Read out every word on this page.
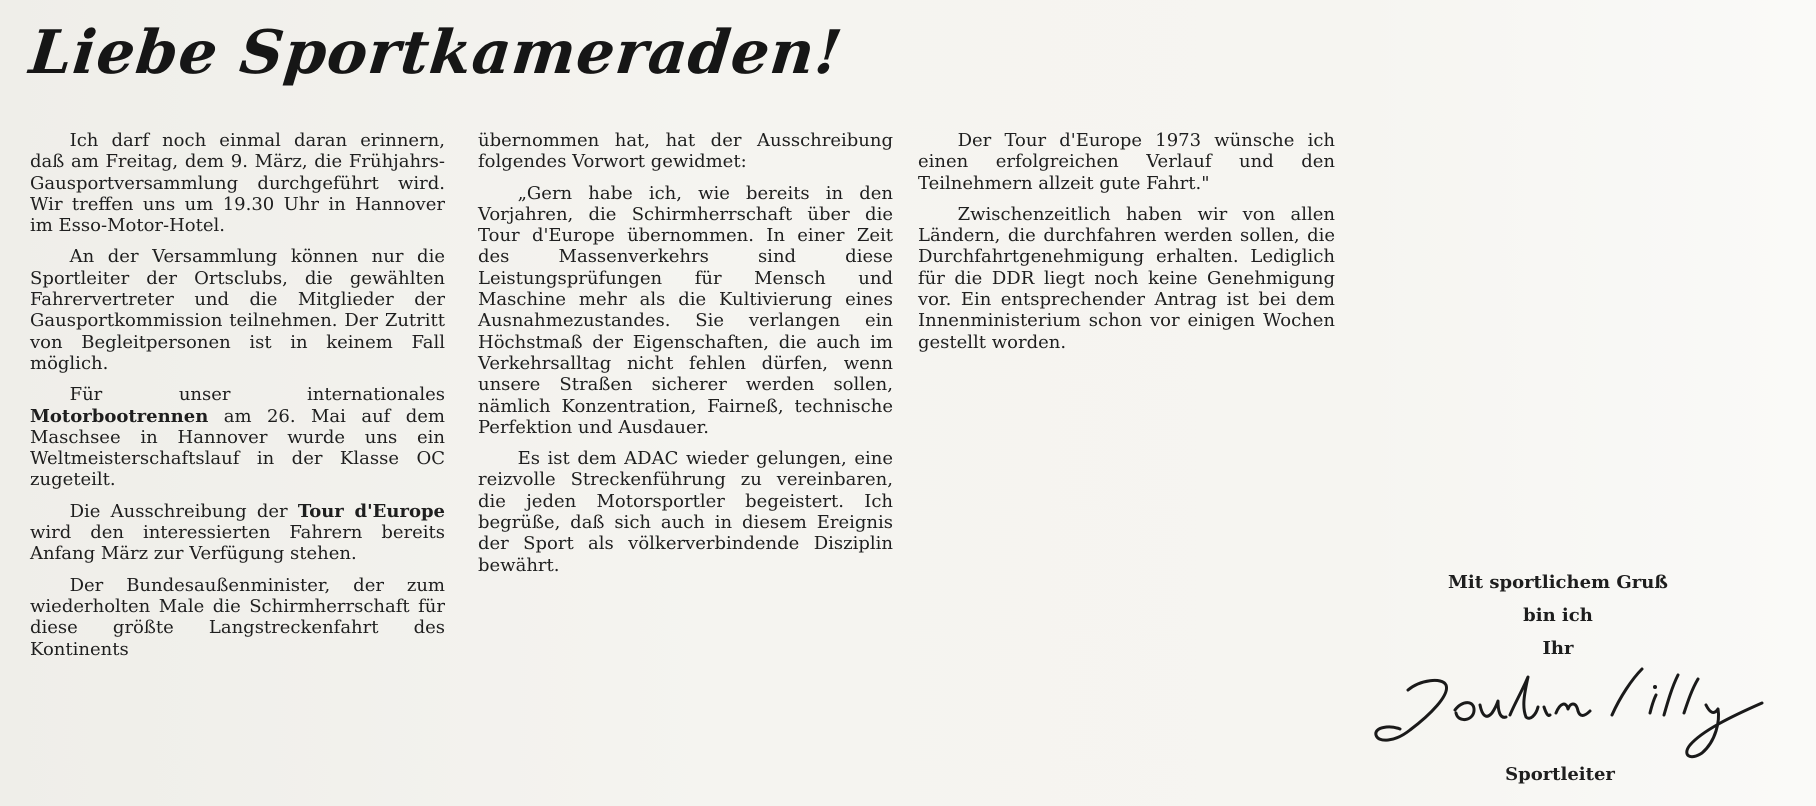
Liebe Sportkameraden!

Ich darf noch einmal daran erinnern, daß am Freitag, dem 9. März, die Frühjahrs-Gausportversammlung durchgeführt wird. Wir treffen uns um 19.30 Uhr in Hannover im Esso-Motor-Hotel.

An der Versammlung können nur die Sportleiter der Ortsclubs, die gewählten Fahrervertreter und die Mitglieder der Gausportkommission teilnehmen. Der Zutritt von Begleitpersonen ist in keinem Fall möglich.

Für unser internationales Motorbootrennen am 26. Mai auf dem Maschsee in Hannover wurde uns ein Weltmeisterschaftslauf in der Klasse OC zugeteilt.

Die Ausschreibung der Tour d'Europe wird den interessierten Fahrern bereits Anfang März zur Verfügung stehen.

Der Bundesaußenminister, der zum wiederholten Male die Schirmherrschaft für diese größte Langstreckenfahrt des Kontinents

übernommen hat, hat der Ausschreibung folgendes Vorwort gewidmet:

„Gern habe ich, wie bereits in den Vorjahren, die Schirmherrschaft über die Tour d'Europe übernommen. In einer Zeit des Massenverkehrs sind diese Leistungsprüfungen für Mensch und Maschine mehr als die Kultivierung eines Ausnahmezustandes. Sie verlangen ein Höchstmaß der Eigenschaften, die auch im Verkehrsalltag nicht fehlen dürfen, wenn unsere Straßen sicherer werden sollen, nämlich Konzentration, Fairneß, technische Perfektion und Ausdauer.

Es ist dem ADAC wieder gelungen, eine reizvolle Streckenführung zu vereinbaren, die jeden Motorsportler begeistert. Ich begrüße, daß sich auch in diesem Ereignis der Sport als völkerverbindende Disziplin bewährt.

Der Tour d'Europe 1973 wünsche ich einen erfolgreichen Verlauf und den Teilnehmern allzeit gute Fahrt."

Zwischenzeitlich haben wir von allen Ländern, die durchfahren werden sollen, die Durchfahrtgenehmigung erhalten. Lediglich für die DDR liegt noch keine Genehmigung vor. Ein entsprechender Antrag ist bei dem Innenministerium schon vor einigen Wochen gestellt worden.

Mit sportlichem Gruß
bin ich
Ihr
Sportleiter
